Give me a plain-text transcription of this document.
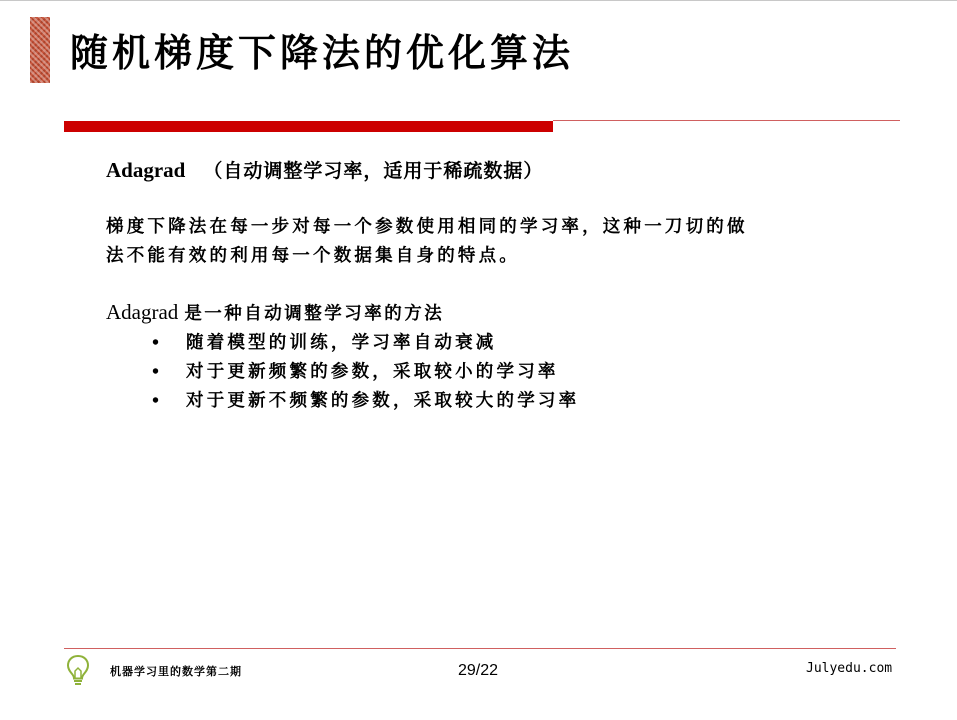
随机梯度下降法的优化算法
Adagrad （自动调整学习率，适用于稀疏数据）
梯度下降法在每一步对每一个参数使用相同的学习率，这种一刀切的做
法不能有效的利用每一个数据集自身的特点。
Adagrad 是一种自动调整学习率的方法
• 随着模型的训练，学习率自动衰减
• 对于更新频繁的参数，采取较小的学习率
• 对于更新不频繁的参数，采取较大的学习率
机器学习里的数学第二期	29/22	Julyedu.com
